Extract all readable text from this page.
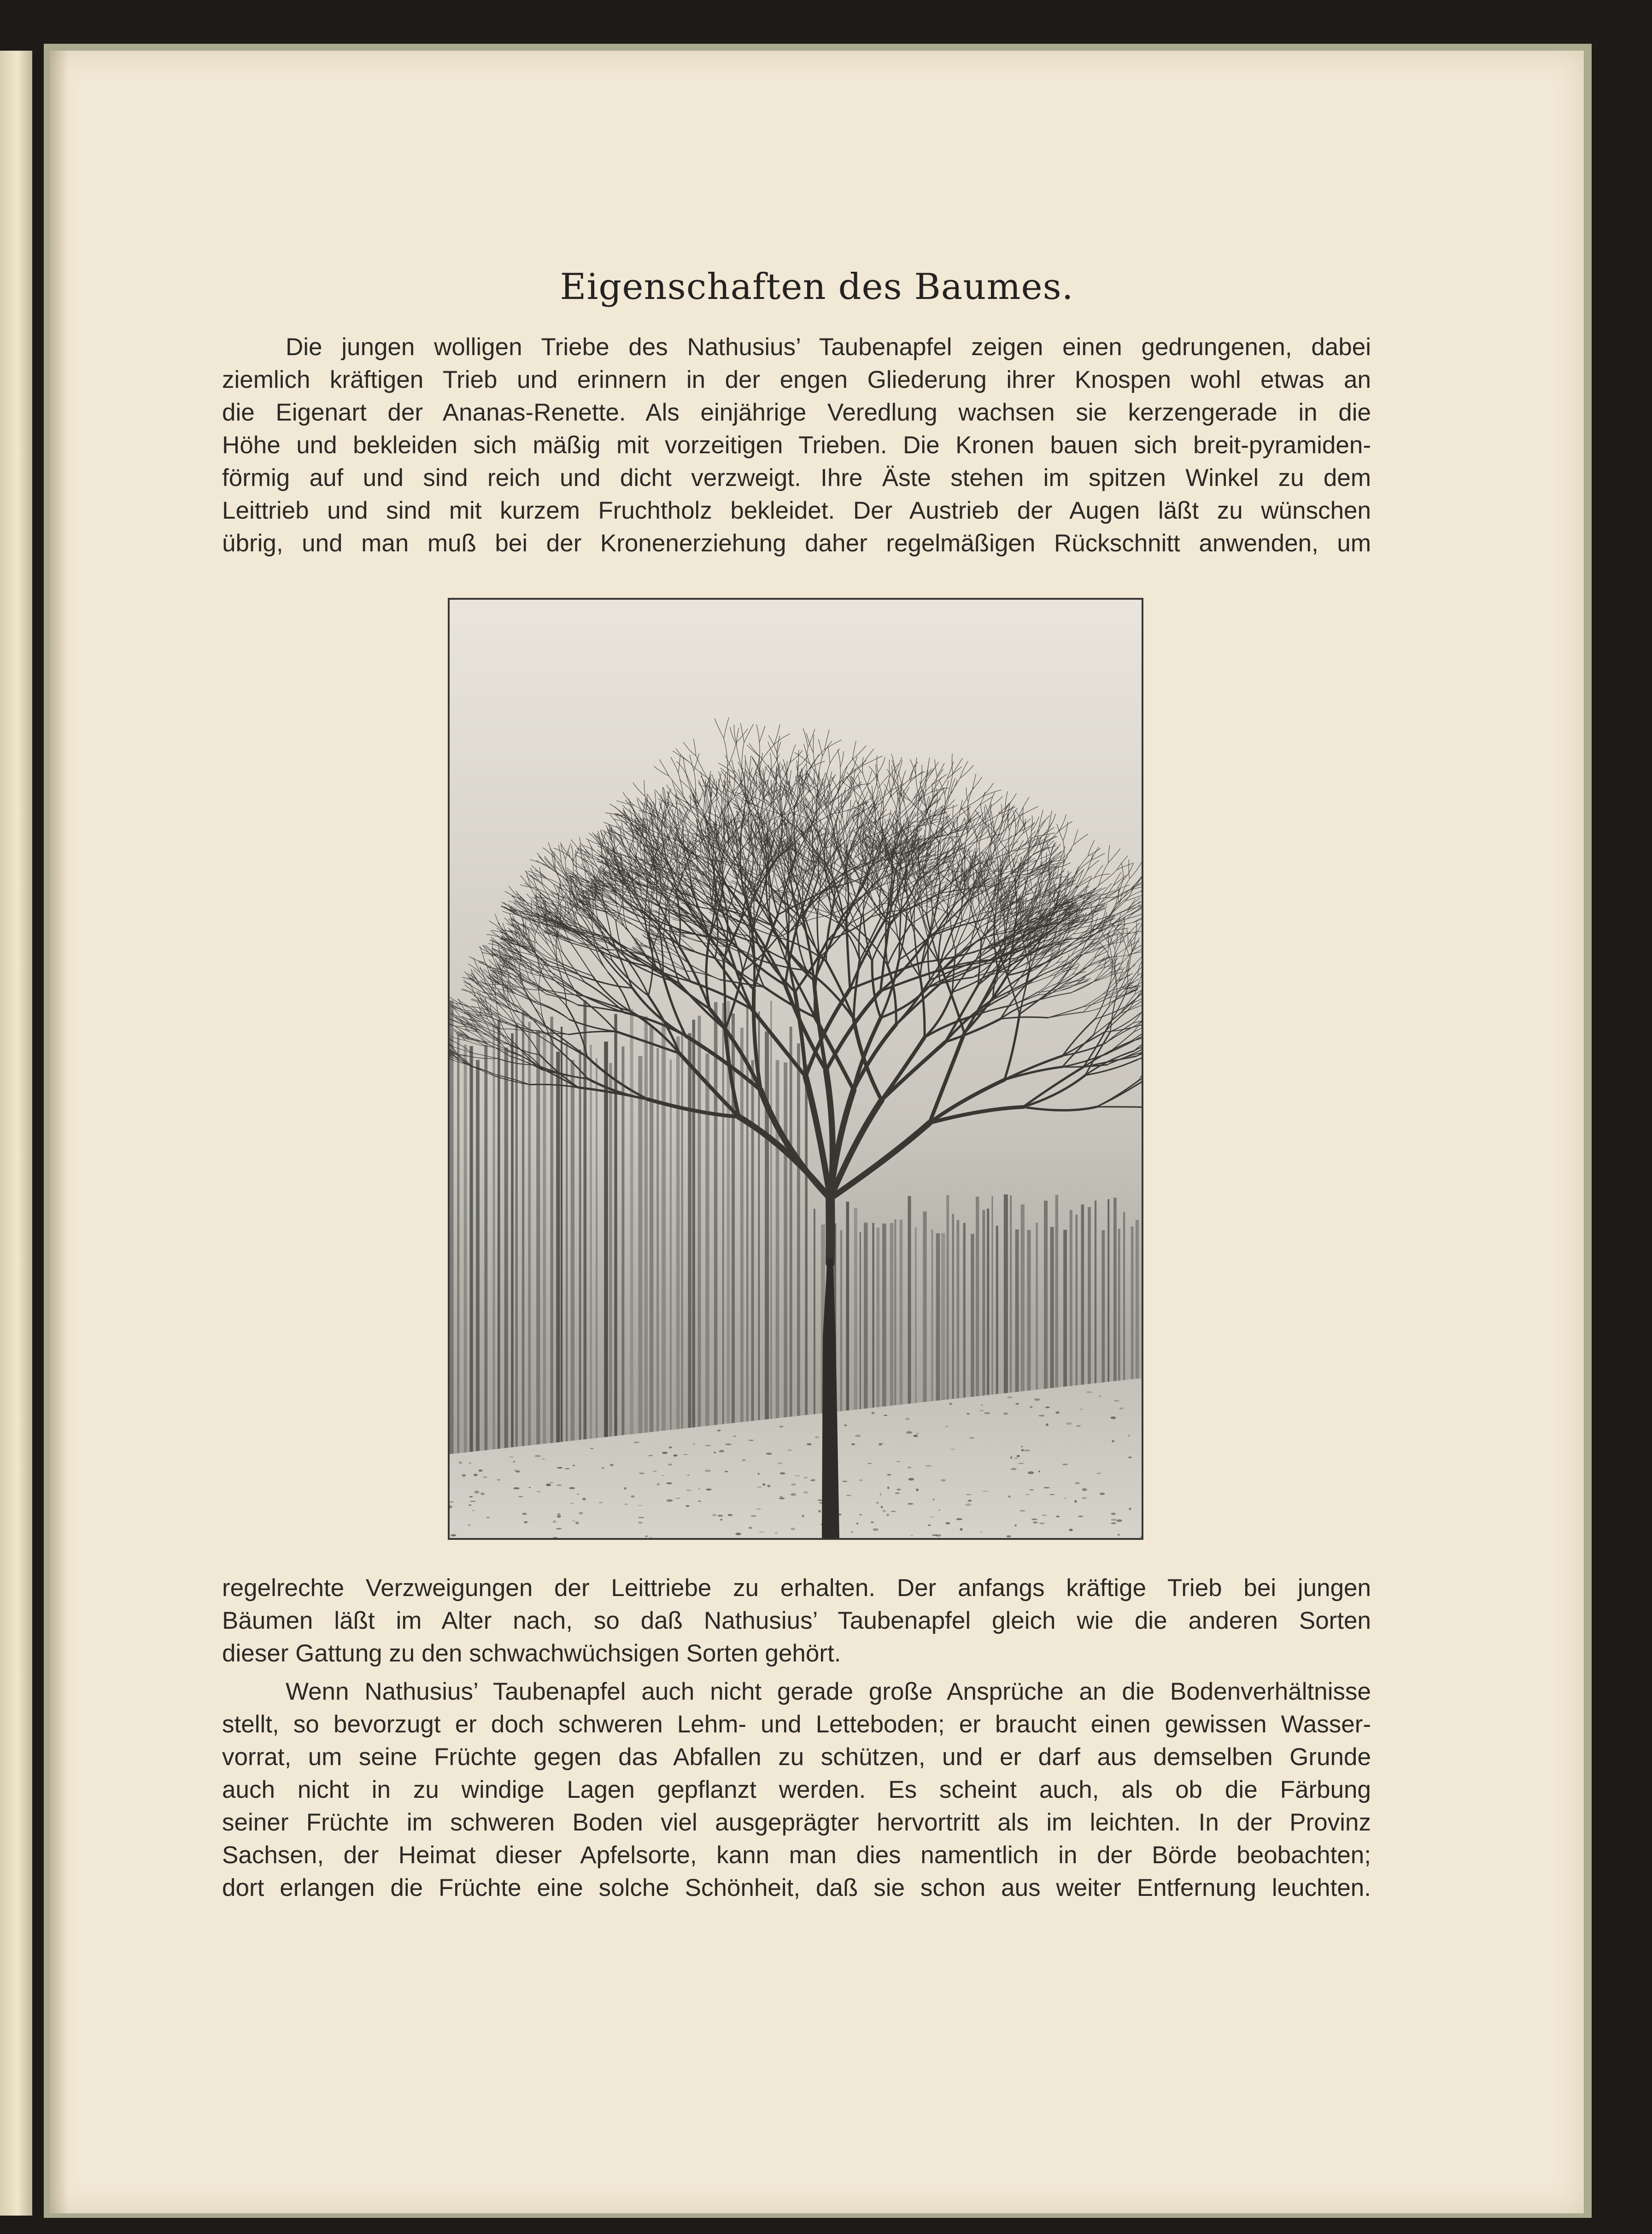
Eigenschaften des Baumes.
Die jungen wolligen Triebe des Nathusius’ Taubenapfel zeigen einen gedrungenen, dabei
ziemlich kräftigen Trieb und erinnern in der engen Gliederung ihrer Knospen wohl etwas an
die Eigenart der Ananas-Renette. Als einjährige Veredlung wachsen sie kerzengerade in die
Höhe und bekleiden sich mäßig mit vorzeitigen Trieben. Die Kronen bauen sich breit-pyramiden-
förmig auf und sind reich und dicht verzweigt. Ihre Äste stehen im spitzen Winkel zu dem
Leittrieb und sind mit kurzem Fruchtholz bekleidet. Der Austrieb der Augen läßt zu wünschen
übrig, und man muß bei der Kronenerziehung daher regelmäßigen Rückschnitt anwenden, um
regelrechte Verzweigungen der Leittriebe zu erhalten. Der anfangs kräftige Trieb bei jungen
Bäumen läßt im Alter nach, so daß Nathusius’ Taubenapfel gleich wie die anderen Sorten
dieser Gattung zu den schwachwüchsigen Sorten gehört.
Wenn Nathusius’ Taubenapfel auch nicht gerade große Ansprüche an die Bodenverhältnisse
stellt, so bevorzugt er doch schweren Lehm- und Letteboden; er braucht einen gewissen Wasser-
vorrat, um seine Früchte gegen das Abfallen zu schützen, und er darf aus demselben Grunde
auch nicht in zu windige Lagen gepflanzt werden. Es scheint auch, als ob die Färbung
seiner Früchte im schweren Boden viel ausgeprägter hervortritt als im leichten. In der Provinz
Sachsen, der Heimat dieser Apfelsorte, kann man dies namentlich in der Börde beobachten;
dort erlangen die Früchte eine solche Schönheit, daß sie schon aus weiter Entfernung leuchten.
